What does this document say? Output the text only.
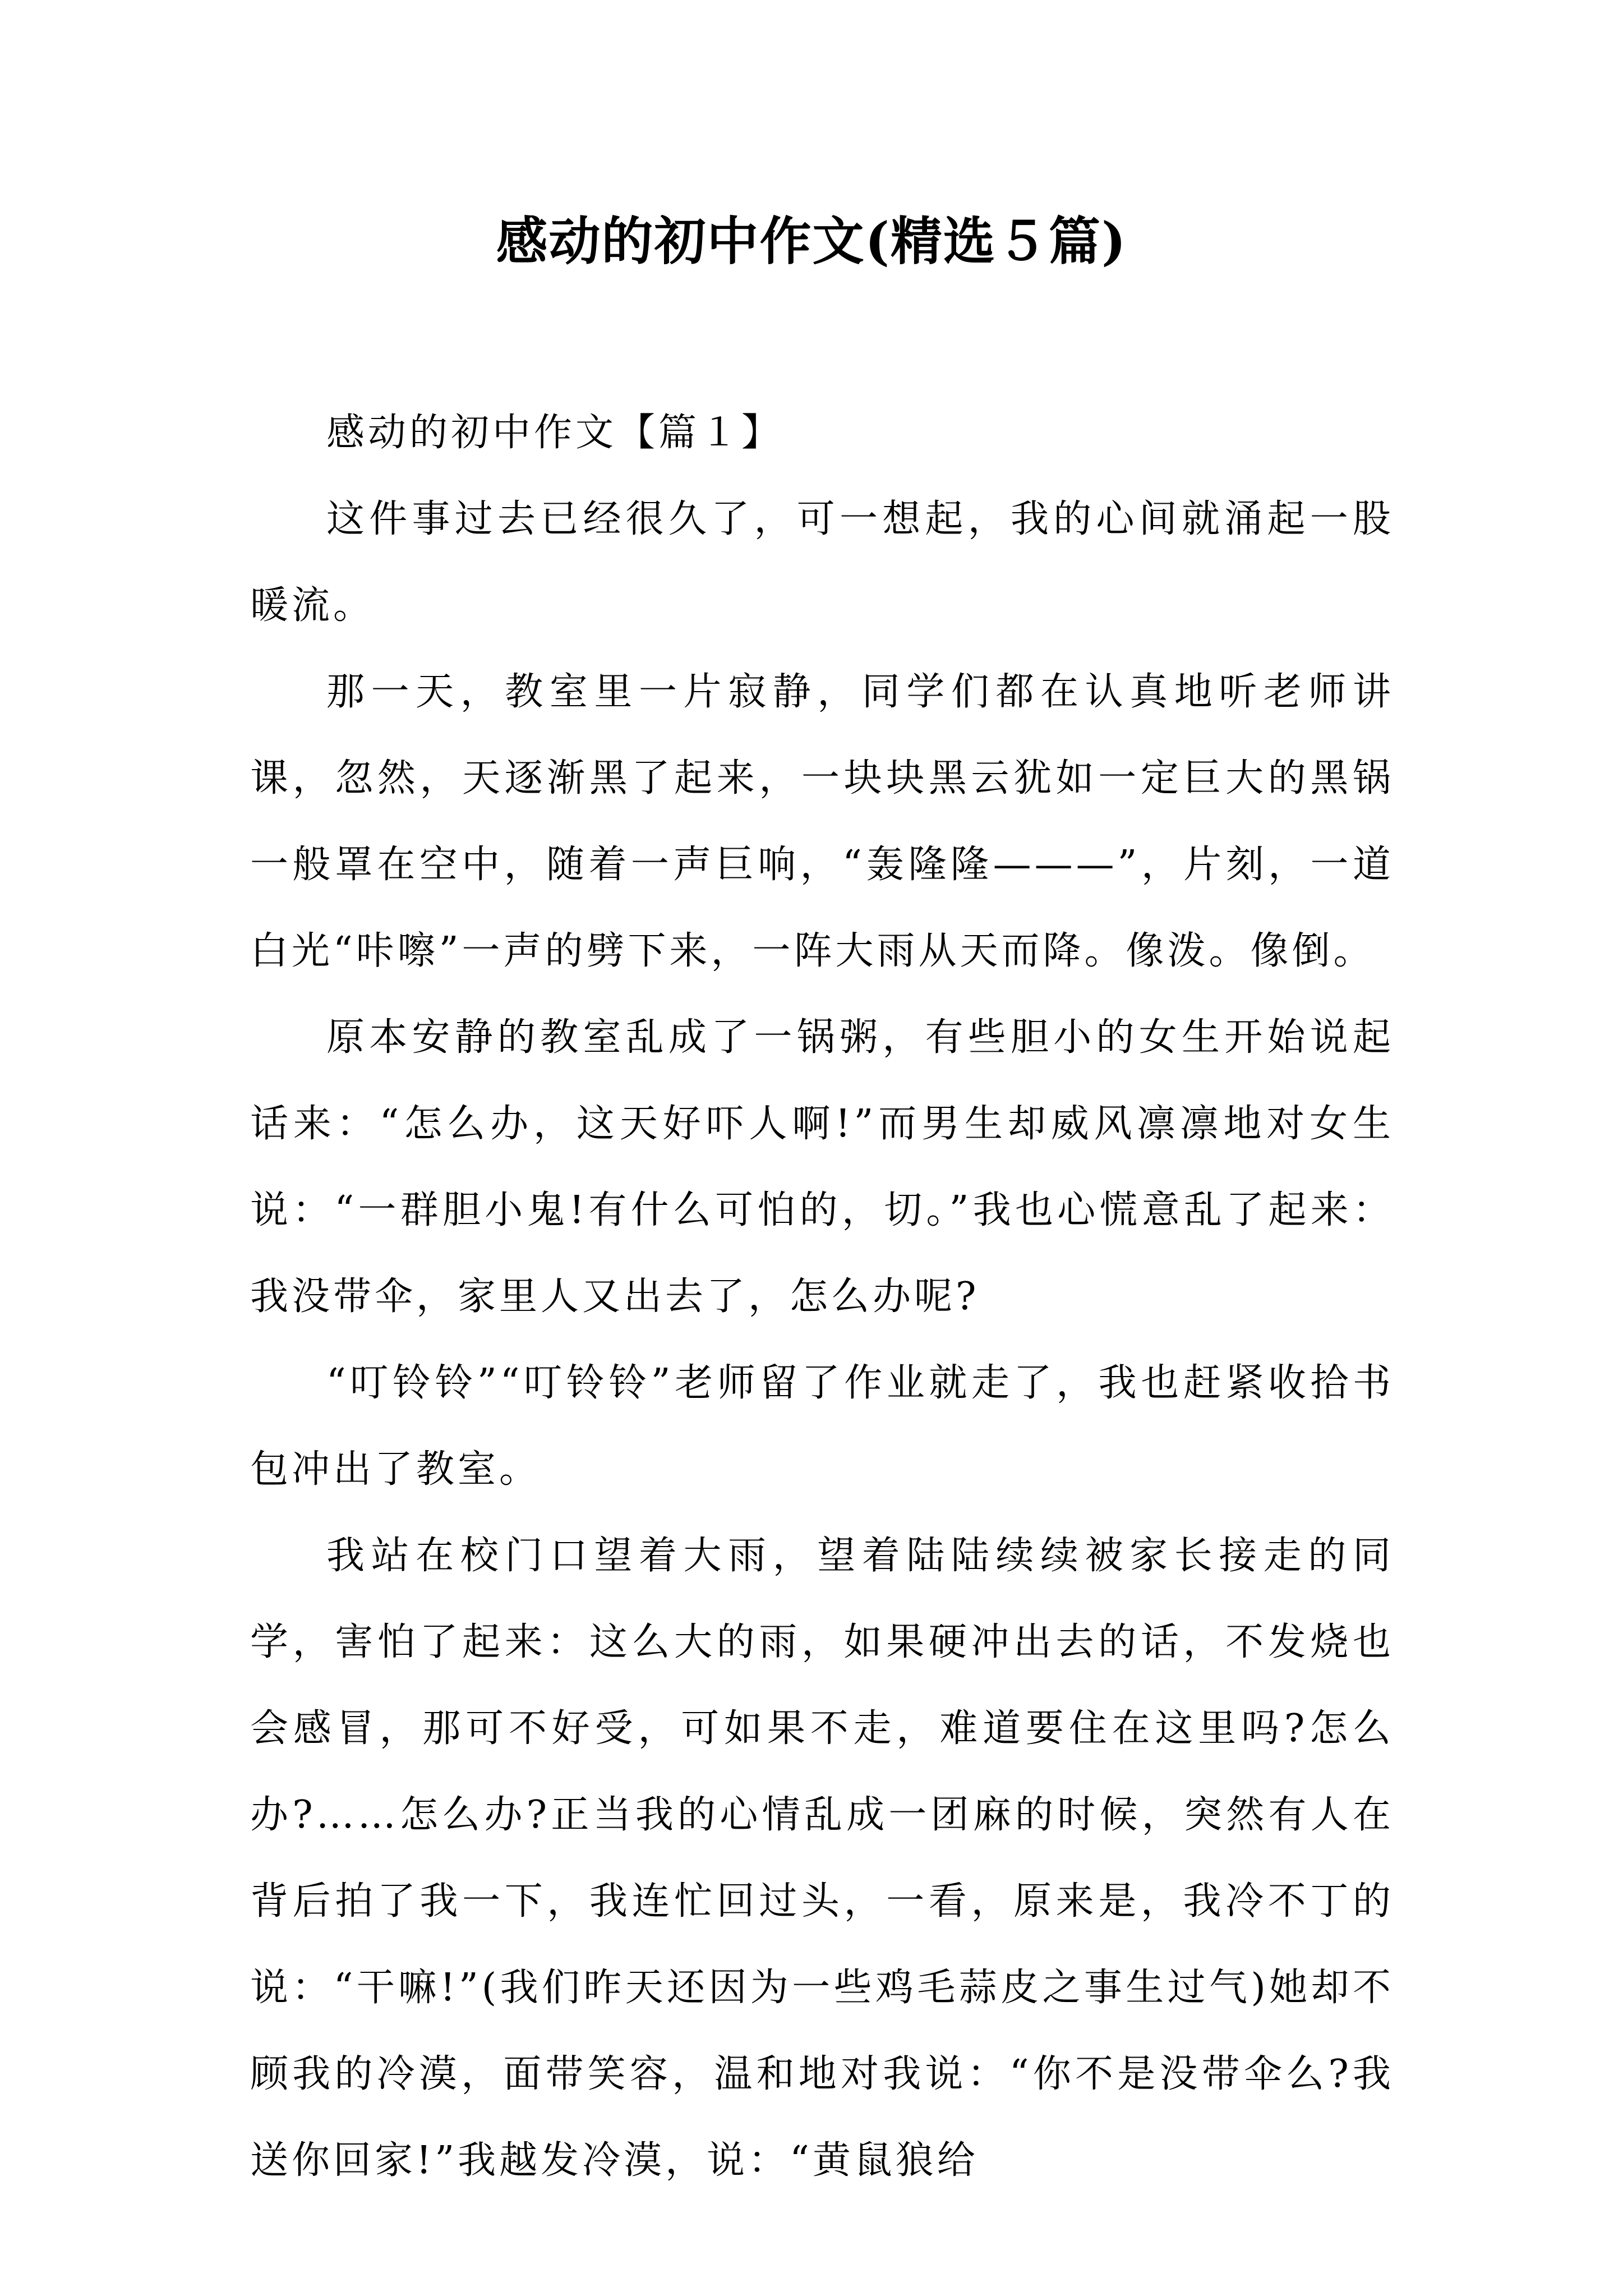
感动的初中作文(精选５篇)

感动的初中作文【篇１】

这件事过去已经很久了，可一想起，我的心间就涌起一股暖流。

那一天，教室里一片寂静，同学们都在认真地听老师讲课，忽然，天逐渐黑了起来，一块块黑云犹如一定巨大的黑锅一般罩在空中，随着一声巨响，“轰隆隆———”，片刻，一道白光“咔嚓”一声的劈下来，一阵大雨从天而降。像泼。像倒。

原本安静的教室乱成了一锅粥，有些胆小的女生开始说起话来：“怎么办，这天好吓人啊!”而男生却威风凛凛地对女生说：“一群胆小鬼!有什么可怕的，切。”我也心慌意乱了起来：我没带伞，家里人又出去了，怎么办呢?

“叮铃铃”“叮铃铃”老师留了作业就走了，我也赶紧收拾书包冲出了教室。

我站在校门口望着大雨，望着陆陆续续被家长接走的同学，害怕了起来：这么大的雨，如果硬冲出去的话，不发烧也会感冒，那可不好受，可如果不走，难道要住在这里吗?怎么办?……怎么办?正当我的心情乱成一团麻的时候，突然有人在背后拍了我一下，我连忙回过头，一看，原来是，我冷不丁的说：“干嘛!”(我们昨天还因为一些鸡毛蒜皮之事生过气)她却不顾我的冷漠，面带笑容，温和地对我说：“你不是没带伞么?我送你回家!”我越发冷漠，说：“黄鼠狼给
